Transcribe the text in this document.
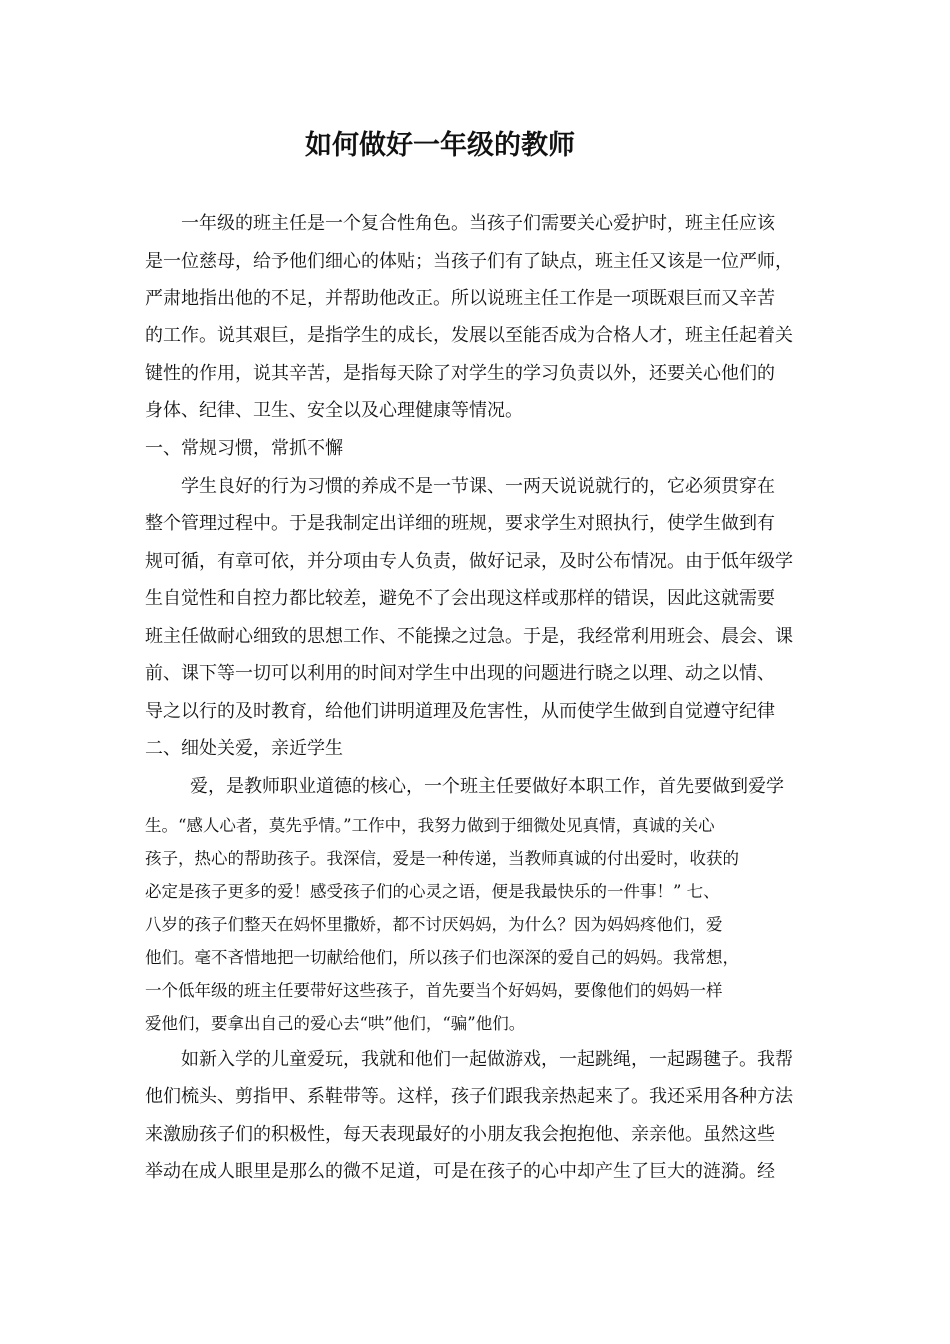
如何做好一年级的教师
一年级的班主任是一个复合性角色。当孩子们需要关心爱护时，班主任应该
是一位慈母，给予他们细心的体贴；当孩子们有了缺点，班主任又该是一位严师，
严肃地指出他的不足，并帮助他改正。所以说班主任工作是一项既艰巨而又辛苦
的工作。说其艰巨，是指学生的成长，发展以至能否成为合格人才，班主任起着关
键性的作用，说其辛苦，是指每天除了对学生的学习负责以外，还要关心他们的
身体、纪律、卫生、安全以及心理健康等情况。
一、常规习惯，常抓不懈
学生良好的行为习惯的养成不是一节课、一两天说说就行的，它必须贯穿在
整个管理过程中。于是我制定出详细的班规，要求学生对照执行，使学生做到有
规可循，有章可依，并分项由专人负责，做好记录，及时公布情况。由于低年级学
生自觉性和自控力都比较差，避免不了会出现这样或那样的错误，因此这就需要
班主任做耐心细致的思想工作、不能操之过急。于是，我经常利用班会、晨会、课
前、课下等一切可以利用的时间对学生中出现的问题进行晓之以理、动之以情、
导之以行的及时教育，给他们讲明道理及危害性，从而使学生做到自觉遵守纪律
二、细处关爱，亲近学生
爱，是教师职业道德的核心，一个班主任要做好本职工作，首先要做到爱学
生。“感人心者，莫先乎情。”工作中，我努力做到于细微处见真情，真诚的关心
孩子，热心的帮助孩子。我深信，爱是一种传递，当教师真诚的付出爱时，收获的
必定是孩子更多的爱！感受孩子们的心灵之语，便是我最快乐的一件事！” 七、
八岁的孩子们整天在妈怀里撒娇，都不讨厌妈妈，为什么？因为妈妈疼他们，爱
他们。毫不吝惜地把一切献给他们，所以孩子们也深深的爱自己的妈妈。我常想，
一个低年级的班主任要带好这些孩子，首先要当个好妈妈，要像他们的妈妈一样
爱他们，要拿出自己的爱心去“哄”他们，“骗”他们。
如新入学的儿童爱玩，我就和他们一起做游戏，一起跳绳，一起踢毽子。我帮
他们梳头、剪指甲、系鞋带等。这样，孩子们跟我亲热起来了。我还采用各种方法
来激励孩子们的积极性，每天表现最好的小朋友我会抱抱他、亲亲他。虽然这些
举动在成人眼里是那么的微不足道，可是在孩子的心中却产生了巨大的涟漪。经
